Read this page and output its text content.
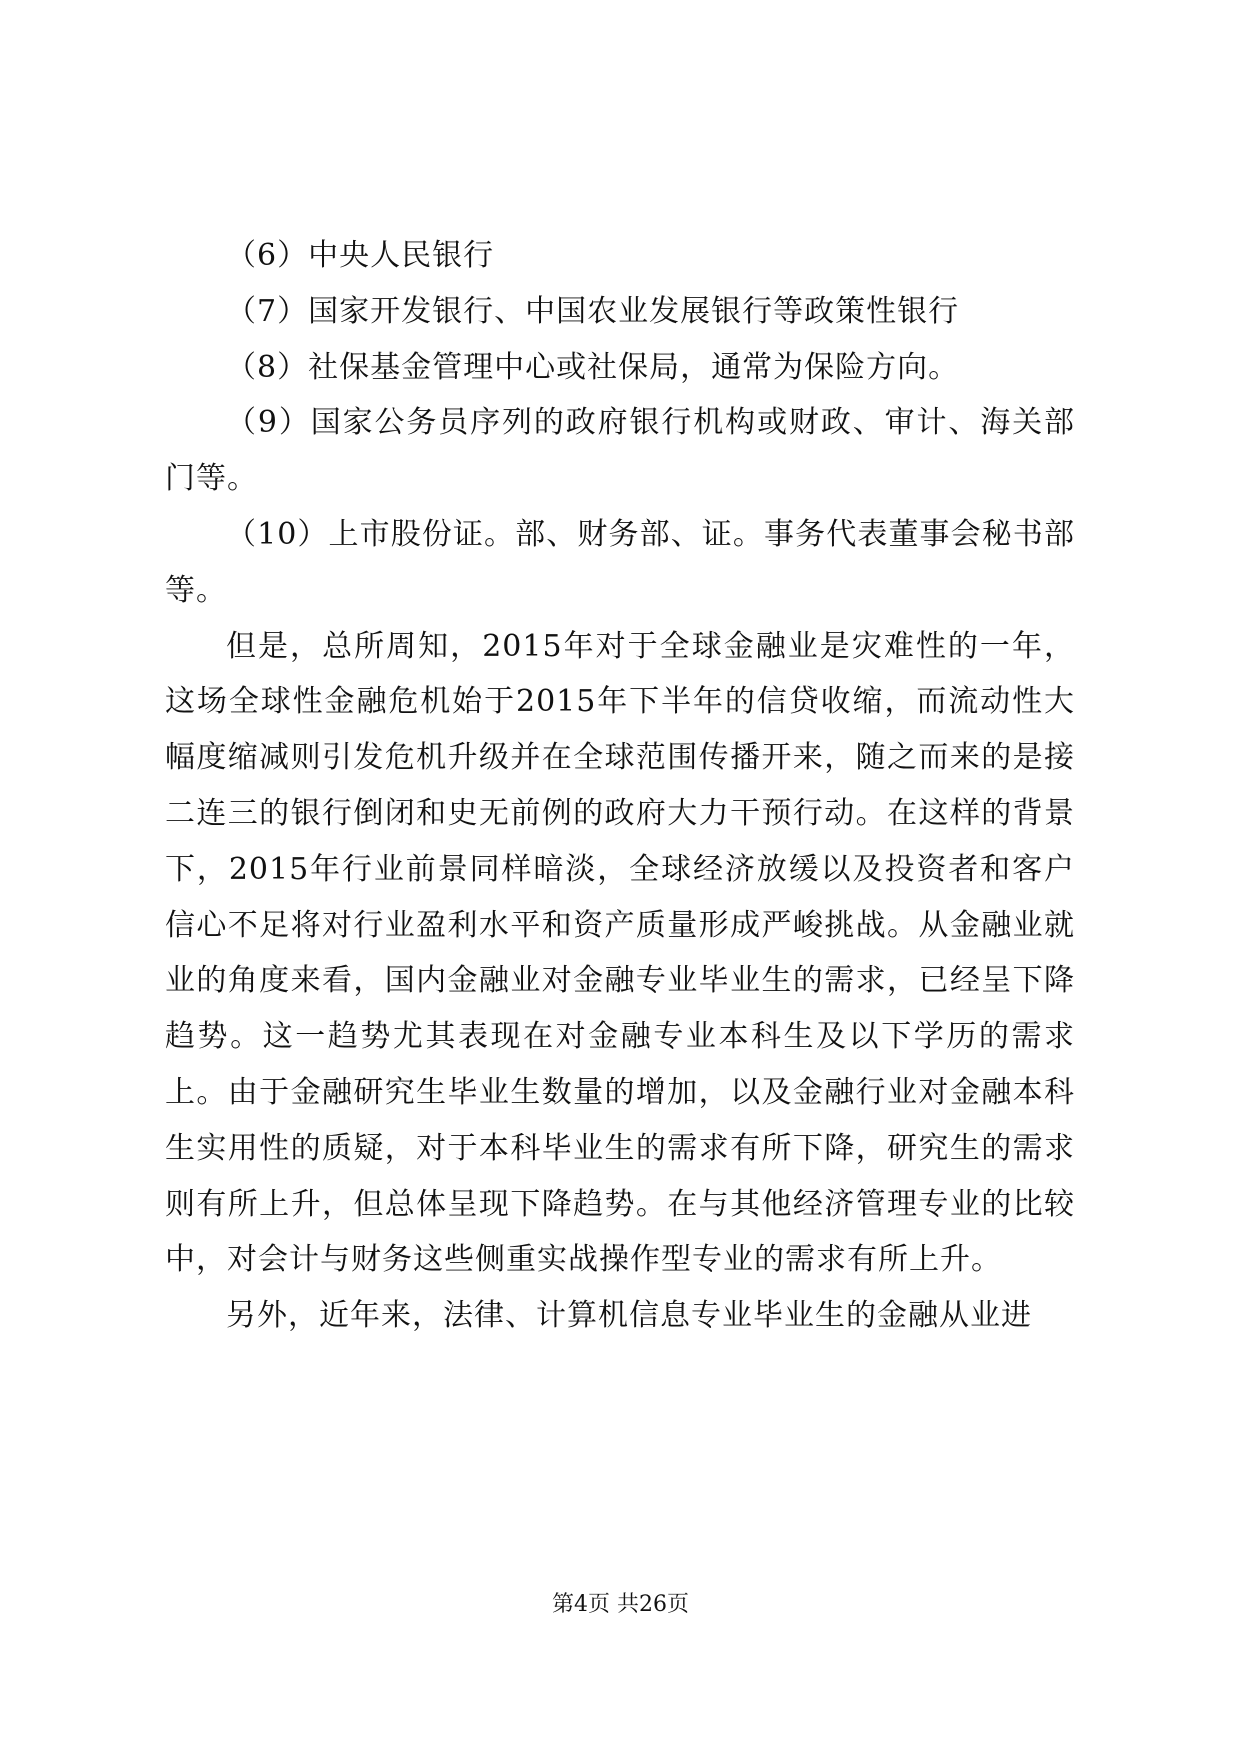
（6）中央人民银行

（7）国家开发银行、中国农业发展银行等政策性银行

（8）社保基金管理中心或社保局，通常为保险方向。

（9）国家公务员序列的政府银行机构或财政、审计、海关部门等。

（10）上市股份证。部、财务部、证。事务代表董事会秘书部等。

但是，总所周知，2015年对于全球金融业是灾难性的一年，这场全球性金融危机始于2015年下半年的信贷收缩，而流动性大幅度缩减则引发危机升级并在全球范围传播开来，随之而来的是接二连三的银行倒闭和史无前例的政府大力干预行动。在这样的背景下，2015年行业前景同样暗淡，全球经济放缓以及投资者和客户信心不足将对行业盈利水平和资产质量形成严峻挑战。从金融业就业的角度来看，国内金融业对金融专业毕业生的需求，已经呈下降趋势。这一趋势尤其表现在对金融专业本科生及以下学历的需求上。由于金融研究生毕业生数量的增加，以及金融行业对金融本科生实用性的质疑，对于本科毕业生的需求有所下降，研究生的需求则有所上升，但总体呈现下降趋势。在与其他经济管理专业的比较中，对会计与财务这些侧重实战操作型专业的需求有所上升。

另外，近年来，法律、计算机信息专业毕业生的金融从业进

第4页 共26页
